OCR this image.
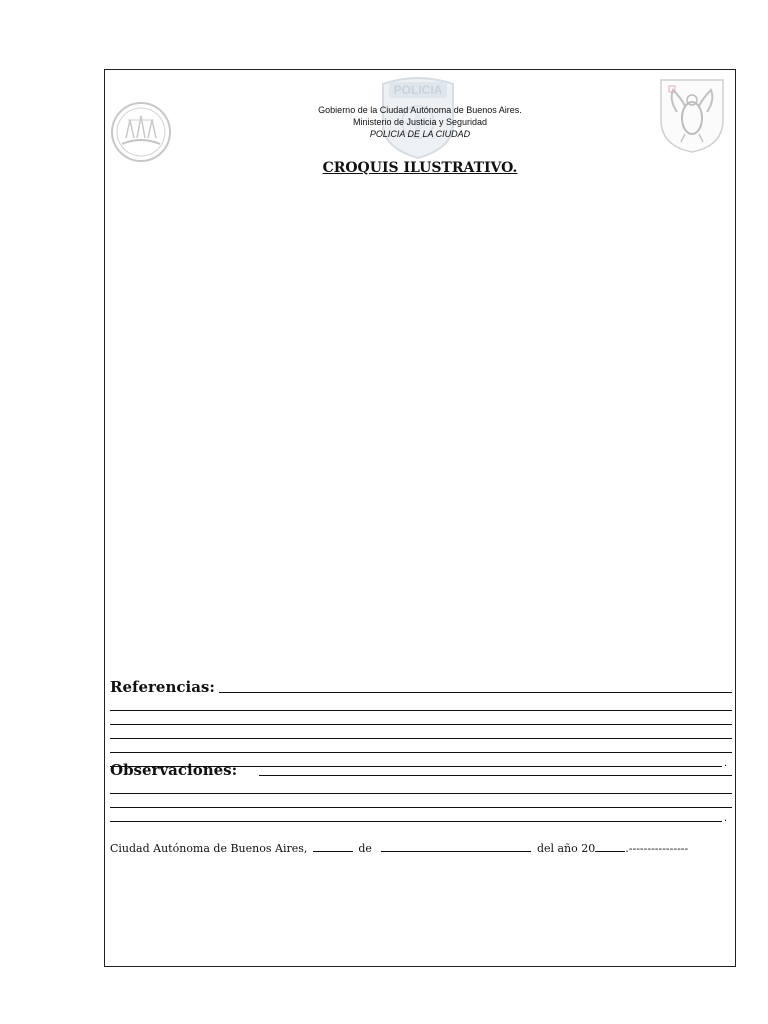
POLICIA
Gobierno de la Ciudad Autónoma de Buenos Aires.
Ministerio de Justicia y Seguridad
POLICIA DE LA CIUDAD
CROQUIS ILUSTRATIVO.
Referencias:
.
Observaciones:
.
Ciudad Autónoma de Buenos Aires,	de	del año 20	.----------------
